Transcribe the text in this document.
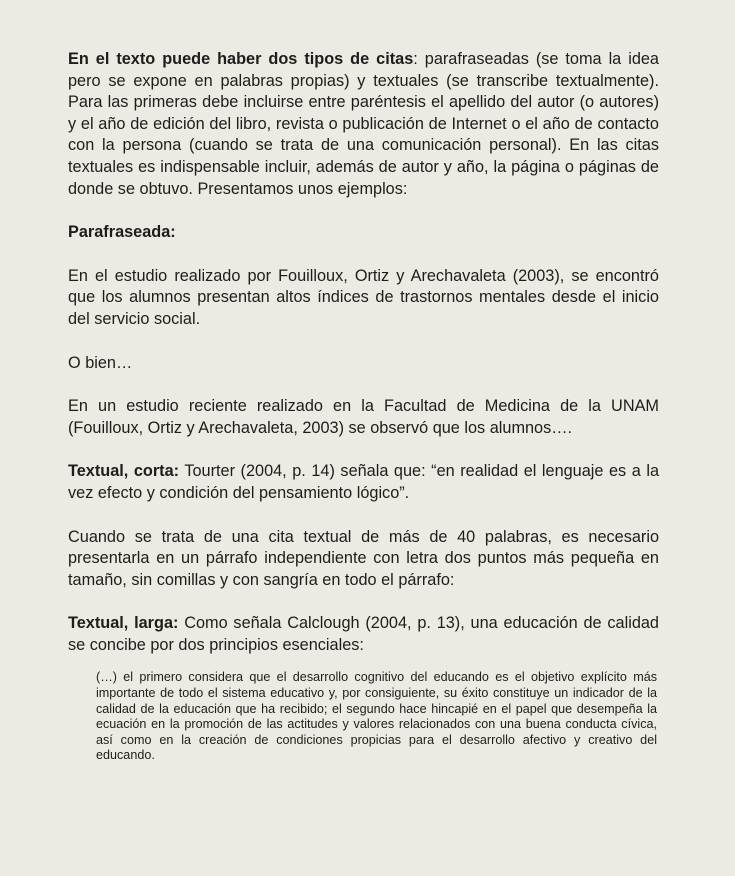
En el texto puede haber dos tipos de citas: parafraseadas (se toma la idea pero se expone en palabras propias) y textuales (se transcribe textualmente). Para las primeras debe incluirse entre paréntesis el apellido del autor (o autores) y el año de edición del libro, revista o publicación de Internet o el año de contacto con la persona (cuando se trata de una comunicación personal). En las citas textuales es indispensable incluir, además de autor y año, la página o páginas de donde se obtuvo. Presentamos unos ejemplos:

Parafraseada:

En el estudio realizado por Fouilloux, Ortiz y Arechavaleta (2003), se encontró que los alumnos presentan altos índices de trastornos mentales desde el inicio del servicio social.

O bien…

En un estudio reciente realizado en la Facultad de Medicina de la UNAM (Fouilloux, Ortiz y Arechavaleta, 2003) se observó que los alumnos….

Textual, corta: Tourter (2004, p. 14) señala que: “en realidad el lenguaje es a la vez efecto y condición del pensamiento lógico”.

Cuando se trata de una cita textual de más de 40 palabras, es necesario presentarla en un párrafo independiente con letra dos puntos más pequeña en tamaño, sin comillas y con sangría en todo el párrafo:

Textual, larga: Como señala Calclough (2004, p. 13), una educación de calidad se concibe por dos principios esenciales:

(…) el primero considera que el desarrollo cognitivo del educando es el objetivo explícito más importante de todo el sistema educativo y, por consiguiente, su éxito constituye un indicador de la calidad de la educación que ha recibido; el segundo hace hincapié en el papel que desempeña la ecuación en la promoción de las actitudes y valores relacionados con una buena conducta cívica, así como en la creación de condiciones propicias para el desarrollo afectivo y creativo del educando.
